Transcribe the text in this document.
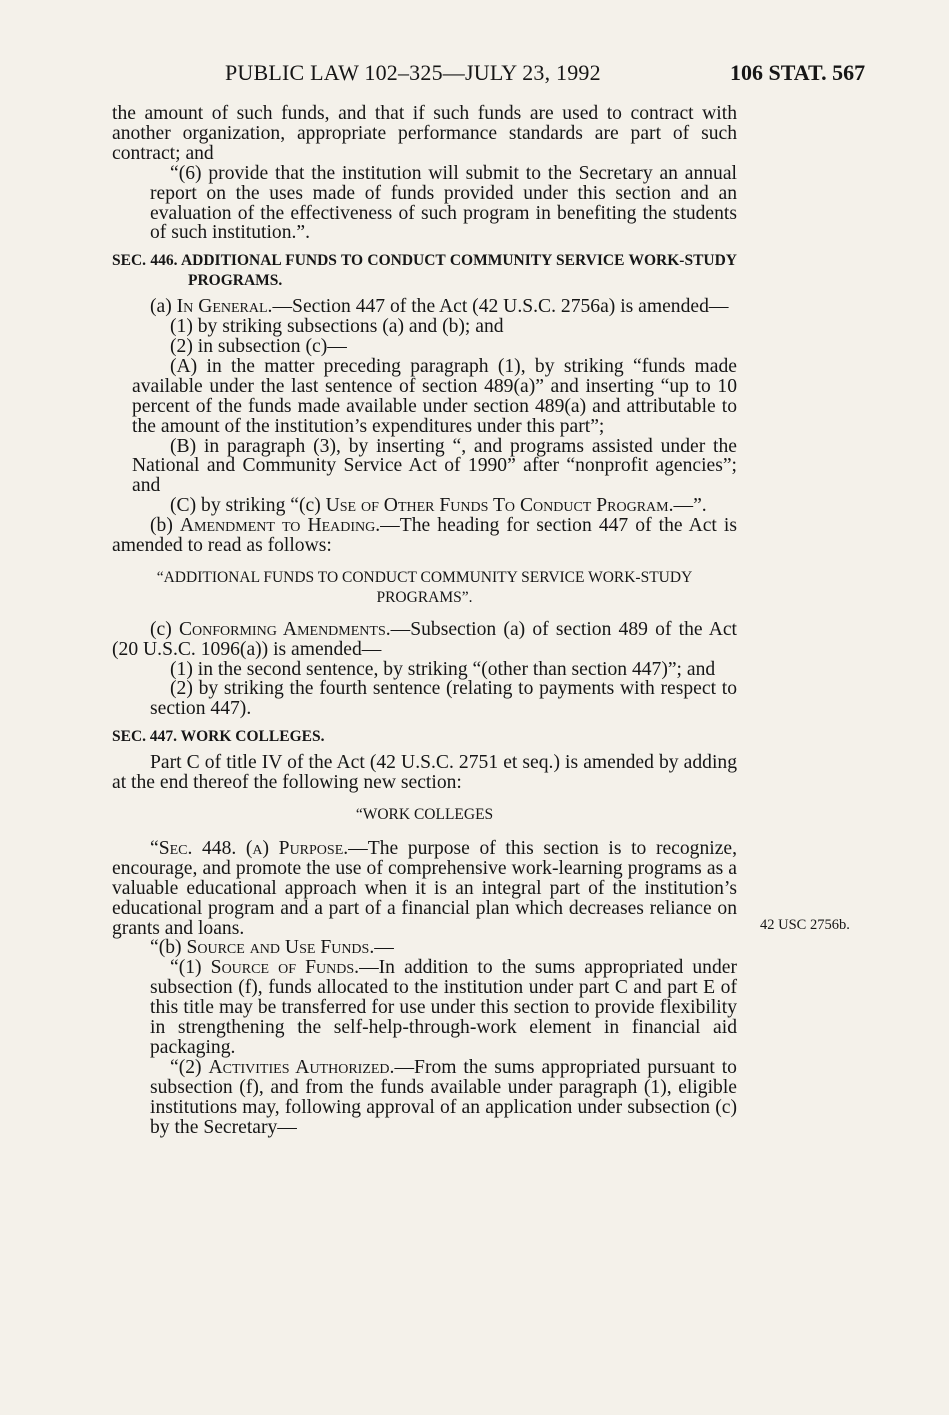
PUBLIC LAW 102–325—JULY 23, 1992	106 STAT. 567
42 USC 2756b.

the amount of such funds, and that if such funds are used to contract with another organization, appropriate performance standards are part of such contract; and

“(6) provide that the institution will submit to the Secretary an annual report on the uses made of funds provided under this section and an evaluation of the effectiveness of such program in benefiting the students of such institution.”.

SEC. 446. ADDITIONAL FUNDS TO CONDUCT COMMUNITY SERVICE WORK-STUDY PROGRAMS.

(a) In General.—Section 447 of the Act (42 U.S.C. 2756a) is amended—

(1) by striking subsections (a) and (b); and

(2) in subsection (c)—

(A) in the matter preceding paragraph (1), by striking “funds made available under the last sentence of section 489(a)” and inserting “up to 10 percent of the funds made available under section 489(a) and attributable to the amount of the institution’s expenditures under this part”;

(B) in paragraph (3), by inserting “, and programs assisted under the National and Community Service Act of 1990” after “nonprofit agencies”; and

(C) by striking “(c) Use of Other Funds To Conduct Program.—”.

(b) Amendment to Heading.—The heading for section 447 of the Act is amended to read as follows:

“ADDITIONAL FUNDS TO CONDUCT COMMUNITY SERVICE WORK-STUDY PROGRAMS”.

(c) Conforming Amendments.—Subsection (a) of section 489 of the Act (20 U.S.C. 1096(a)) is amended—

(1) in the second sentence, by striking “(other than section 447)”; and

(2) by striking the fourth sentence (relating to payments with respect to section 447).

SEC. 447. WORK COLLEGES.

Part C of title IV of the Act (42 U.S.C. 2751 et seq.) is amended by adding at the end thereof the following new section:

“WORK COLLEGES

“Sec. 448. (a) Purpose.—The purpose of this section is to recognize, encourage, and promote the use of comprehensive work-learning programs as a valuable educational approach when it is an integral part of the institution’s educational program and a part of a financial plan which decreases reliance on grants and loans.

“(b) Source and Use Funds.—

“(1) Source of Funds.—In addition to the sums appropriated under subsection (f), funds allocated to the institution under part C and part E of this title may be transferred for use under this section to provide flexibility in strengthening the self-help-through-work element in financial aid packaging.

“(2) Activities Authorized.—From the sums appropriated pursuant to subsection (f), and from the funds available under paragraph (1), eligible institutions may, following approval of an application under subsection (c) by the Secretary—
